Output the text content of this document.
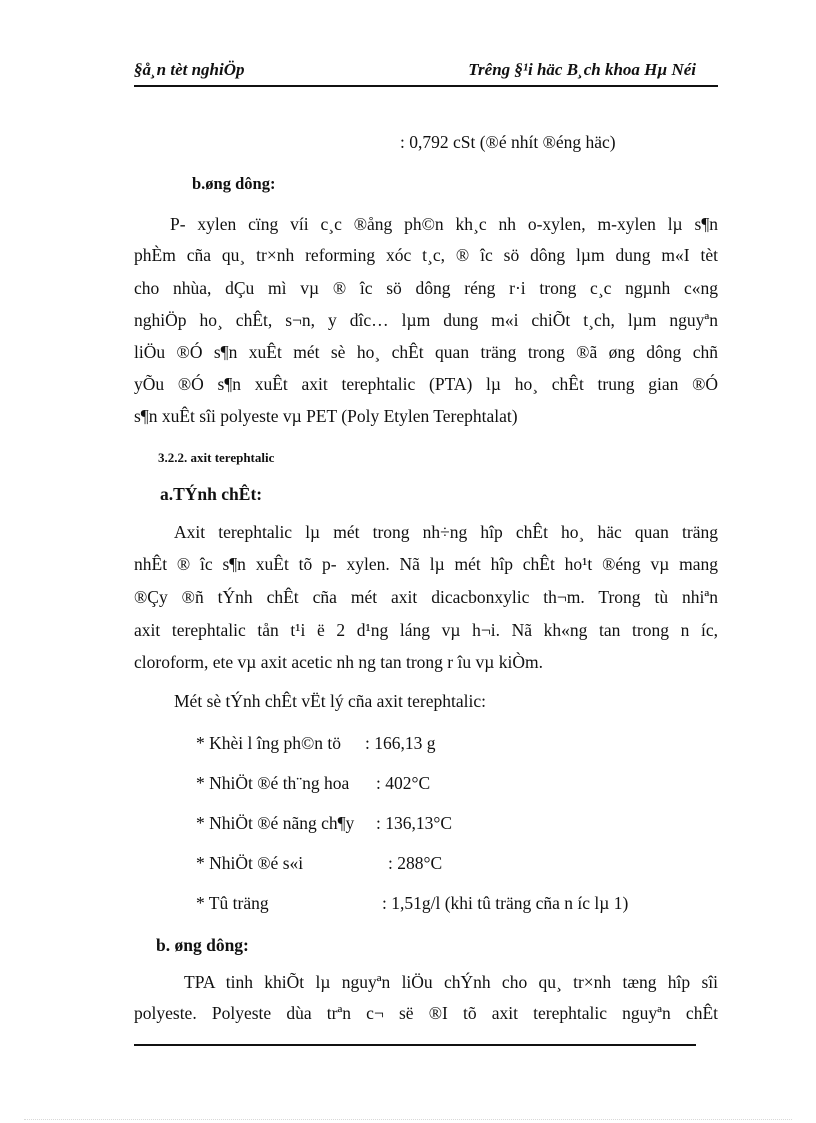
§å¸n tèt nghiÖp	Trêng §¹i häc B¸ch khoa Hµ Néi
: 0,792 cSt (®é nhít ®éng häc)
b.øng dông:
P- xylen cïng víi c¸c ®ång ph©n kh¸c nh o-xylen, m-xylen lµ s¶n
phÈm cña qu¸ tr×nh reforming xóc t¸c, ® îc sö dông lµm dung m«I tèt
cho nhùa, dÇu mì vµ ® îc sö dông réng r·i trong c¸c ngµnh c«ng
nghiÖp ho¸ chÊt, s¬n, y dîc… lµm dung m«i chiÕt t¸ch, lµm nguyªn
liÖu ®Ó s¶n xuÊt mét sè ho¸ chÊt quan träng trong ®ã øng dông chñ
yÕu ®Ó s¶n xuÊt axit terephtalic (PTA) lµ ho¸ chÊt trung gian ®Ó
s¶n xuÊt sîi polyeste vµ PET (Poly Etylen Terephtalat)
3.2.2. axit terephtalic
a.TÝnh chÊt:
Axit terephtalic lµ mét trong nh÷ng hîp chÊt ho¸ häc quan träng
nhÊt ® îc s¶n xuÊt tõ p- xylen. Nã lµ mét hîp chÊt ho¹t ®éng vµ mang
®Çy ®ñ tÝnh chÊt cña mét axit dicacbonxylic th¬m. Trong tù nhiªn
axit terephtalic tån t¹i ë 2 d¹ng láng vµ h¬i. Nã kh«ng tan trong n íc,
cloroform, ete vµ axit acetic nh ng tan trong r îu vµ kiÒm.
Mét sè tÝnh chÊt vËt lý cña axit terephtalic:
* Khèi l îng ph©n tö	: 166,13 g
* NhiÖt ®é th¨ng hoa	: 402°C
* NhiÖt ®é nãng ch¶y	: 136,13°C
* NhiÖt ®é s«i	: 288°C
* Tû träng	: 1,51g/l (khi tû träng cña n íc lµ 1)
b. øng dông:
TPA tinh khiÕt lµ nguyªn liÖu chÝnh cho qu¸ tr×nh tæng hîp sîi
polyeste. Polyeste dùa trªn c¬ së ®I tõ axit terephtalic nguyªn chÊt
